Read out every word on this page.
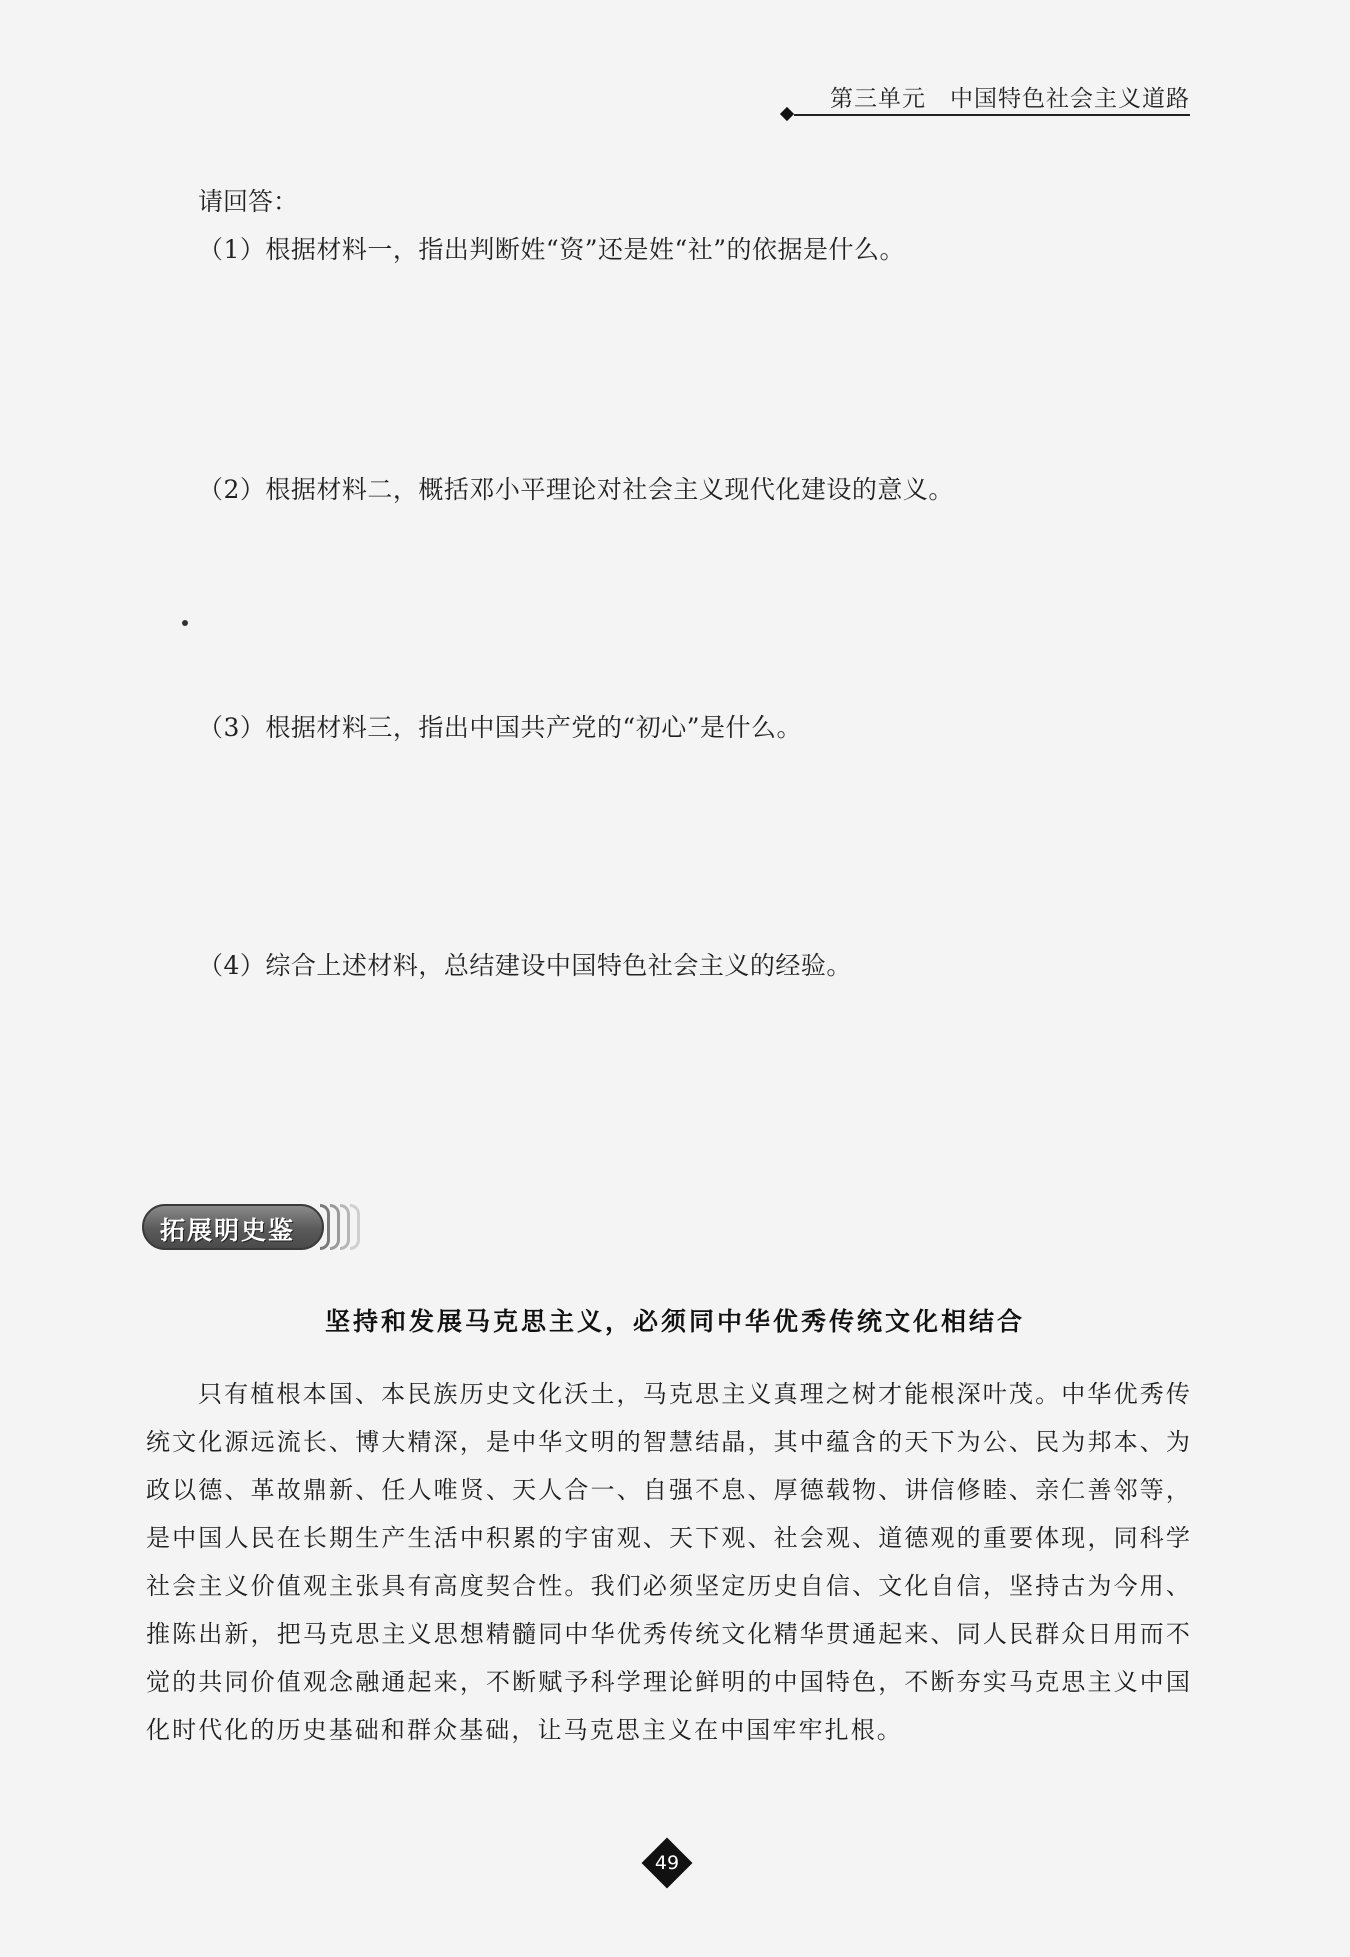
第三单元 中国特色社会主义道路
请回答：
（1）根据材料一，指出判断姓“资”还是姓“社”的依据是什么。
（2）根据材料二，概括邓小平理论对社会主义现代化建设的意义。
（3）根据材料三，指出中国共产党的“初心”是什么。
（4）综合上述材料，总结建设中国特色社会主义的经验。
拓展明史鉴
坚持和发展马克思主义，必须同中华优秀传统文化相结合

只有植根本国、本民族历史文化沃土，马克思主义真理之树才能根深叶茂。中华优秀传统文化源远流长、博大精深，是中华文明的智慧结晶，其中蕴含的天下为公、民为邦本、为政以德、革故鼎新、任人唯贤、天人合一、自强不息、厚德载物、讲信修睦、亲仁善邻等，是中国人民在长期生产生活中积累的宇宙观、天下观、社会观、道德观的重要体现，同科学社会主义价值观主张具有高度契合性。我们必须坚定历史自信、文化自信，坚持古为今用、推陈出新，把马克思主义思想精髓同中华优秀传统文化精华贯通起来、同人民群众日用而不觉的共同价值观念融通起来，不断赋予科学理论鲜明的中国特色，不断夯实马克思主义中国化时代化的历史基础和群众基础，让马克思主义在中国牢牢扎根。

49
